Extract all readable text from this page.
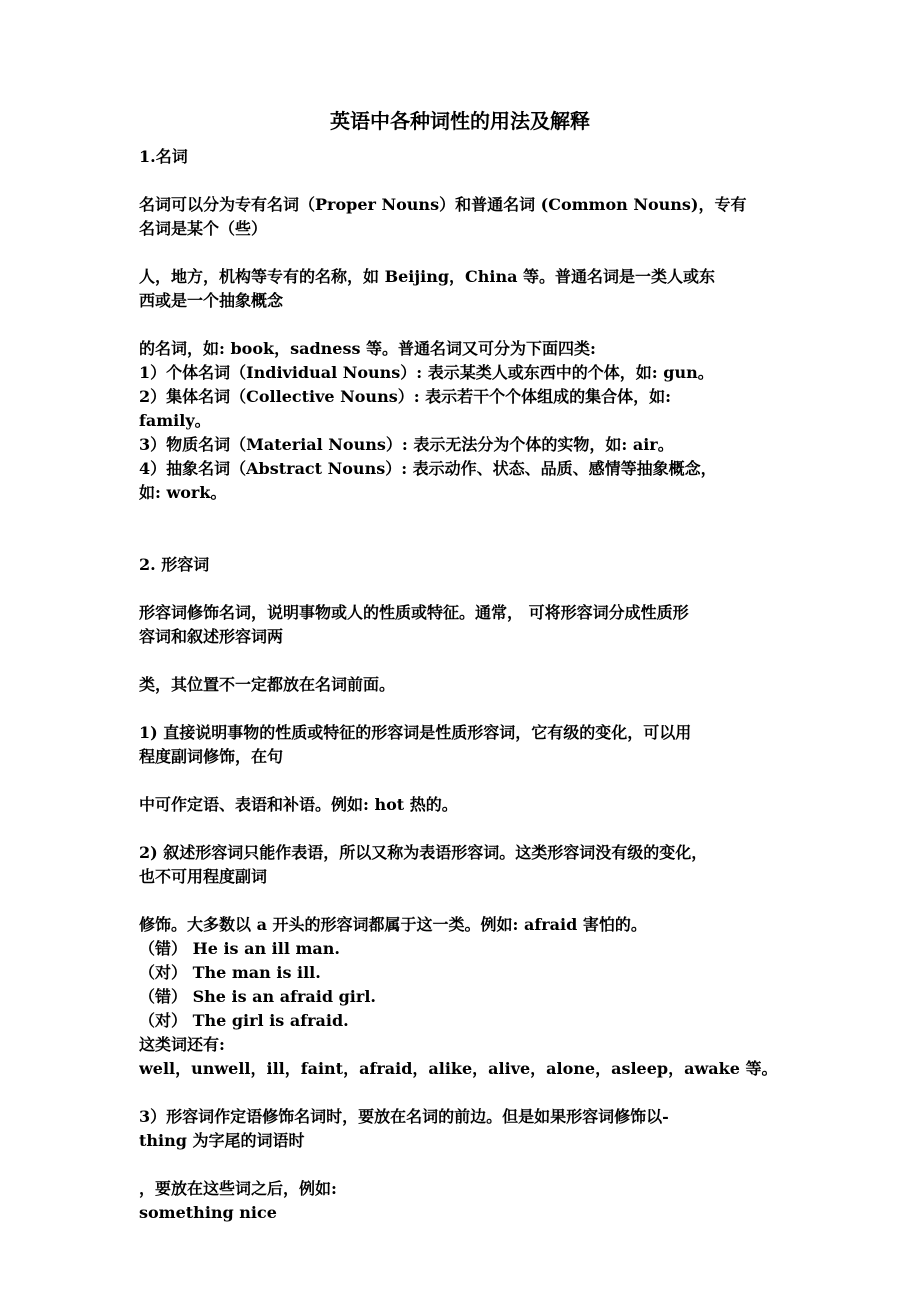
英语中各种词性的用法及解释
1.名词
名词可以分为专有名词（Proper Nouns）和普通名词 (Common Nouns)，专有
名词是某个（些）
人，地方，机构等专有的名称，如 Beijing，China 等。普通名词是一类人或东
西或是一个抽象概念
的名词，如: book，sadness 等。普通名词又可分为下面四类:
1）个体名词（Individual Nouns）: 表示某类人或东西中的个体，如: gun。
2）集体名词（Collective Nouns）: 表示若干个个体组成的集合体，如:
family。
3）物质名词（Material Nouns）: 表示无法分为个体的实物，如: air。
4）抽象名词（Abstract Nouns）: 表示动作、状态、品质、感情等抽象概念，
如: work。
2. 形容词
形容词修饰名词，说明事物或人的性质或特征。通常， 可将形容词分成性质形
容词和叙述形容词两
类，其位置不一定都放在名词前面。
1) 直接说明事物的性质或特征的形容词是性质形容词，它有级的变化，可以用
程度副词修饰，在句
中可作定语、表语和补语。例如: hot 热的。
2) 叙述形容词只能作表语，所以又称为表语形容词。这类形容词没有级的变化，
也不可用程度副词
修饰。大多数以 a 开头的形容词都属于这一类。例如: afraid 害怕的。
（错） He is an ill man.
（对） The man is ill.
（错） She is an afraid girl.
（对） The girl is afraid.
这类词还有:
well，unwell，ill，faint，afraid，alike，alive，alone，asleep，awake 等。
3）形容词作定语修饰名词时，要放在名词的前边。但是如果形容词修饰以-
thing 为字尾的词语时
，要放在这些词之后，例如:
something nice
